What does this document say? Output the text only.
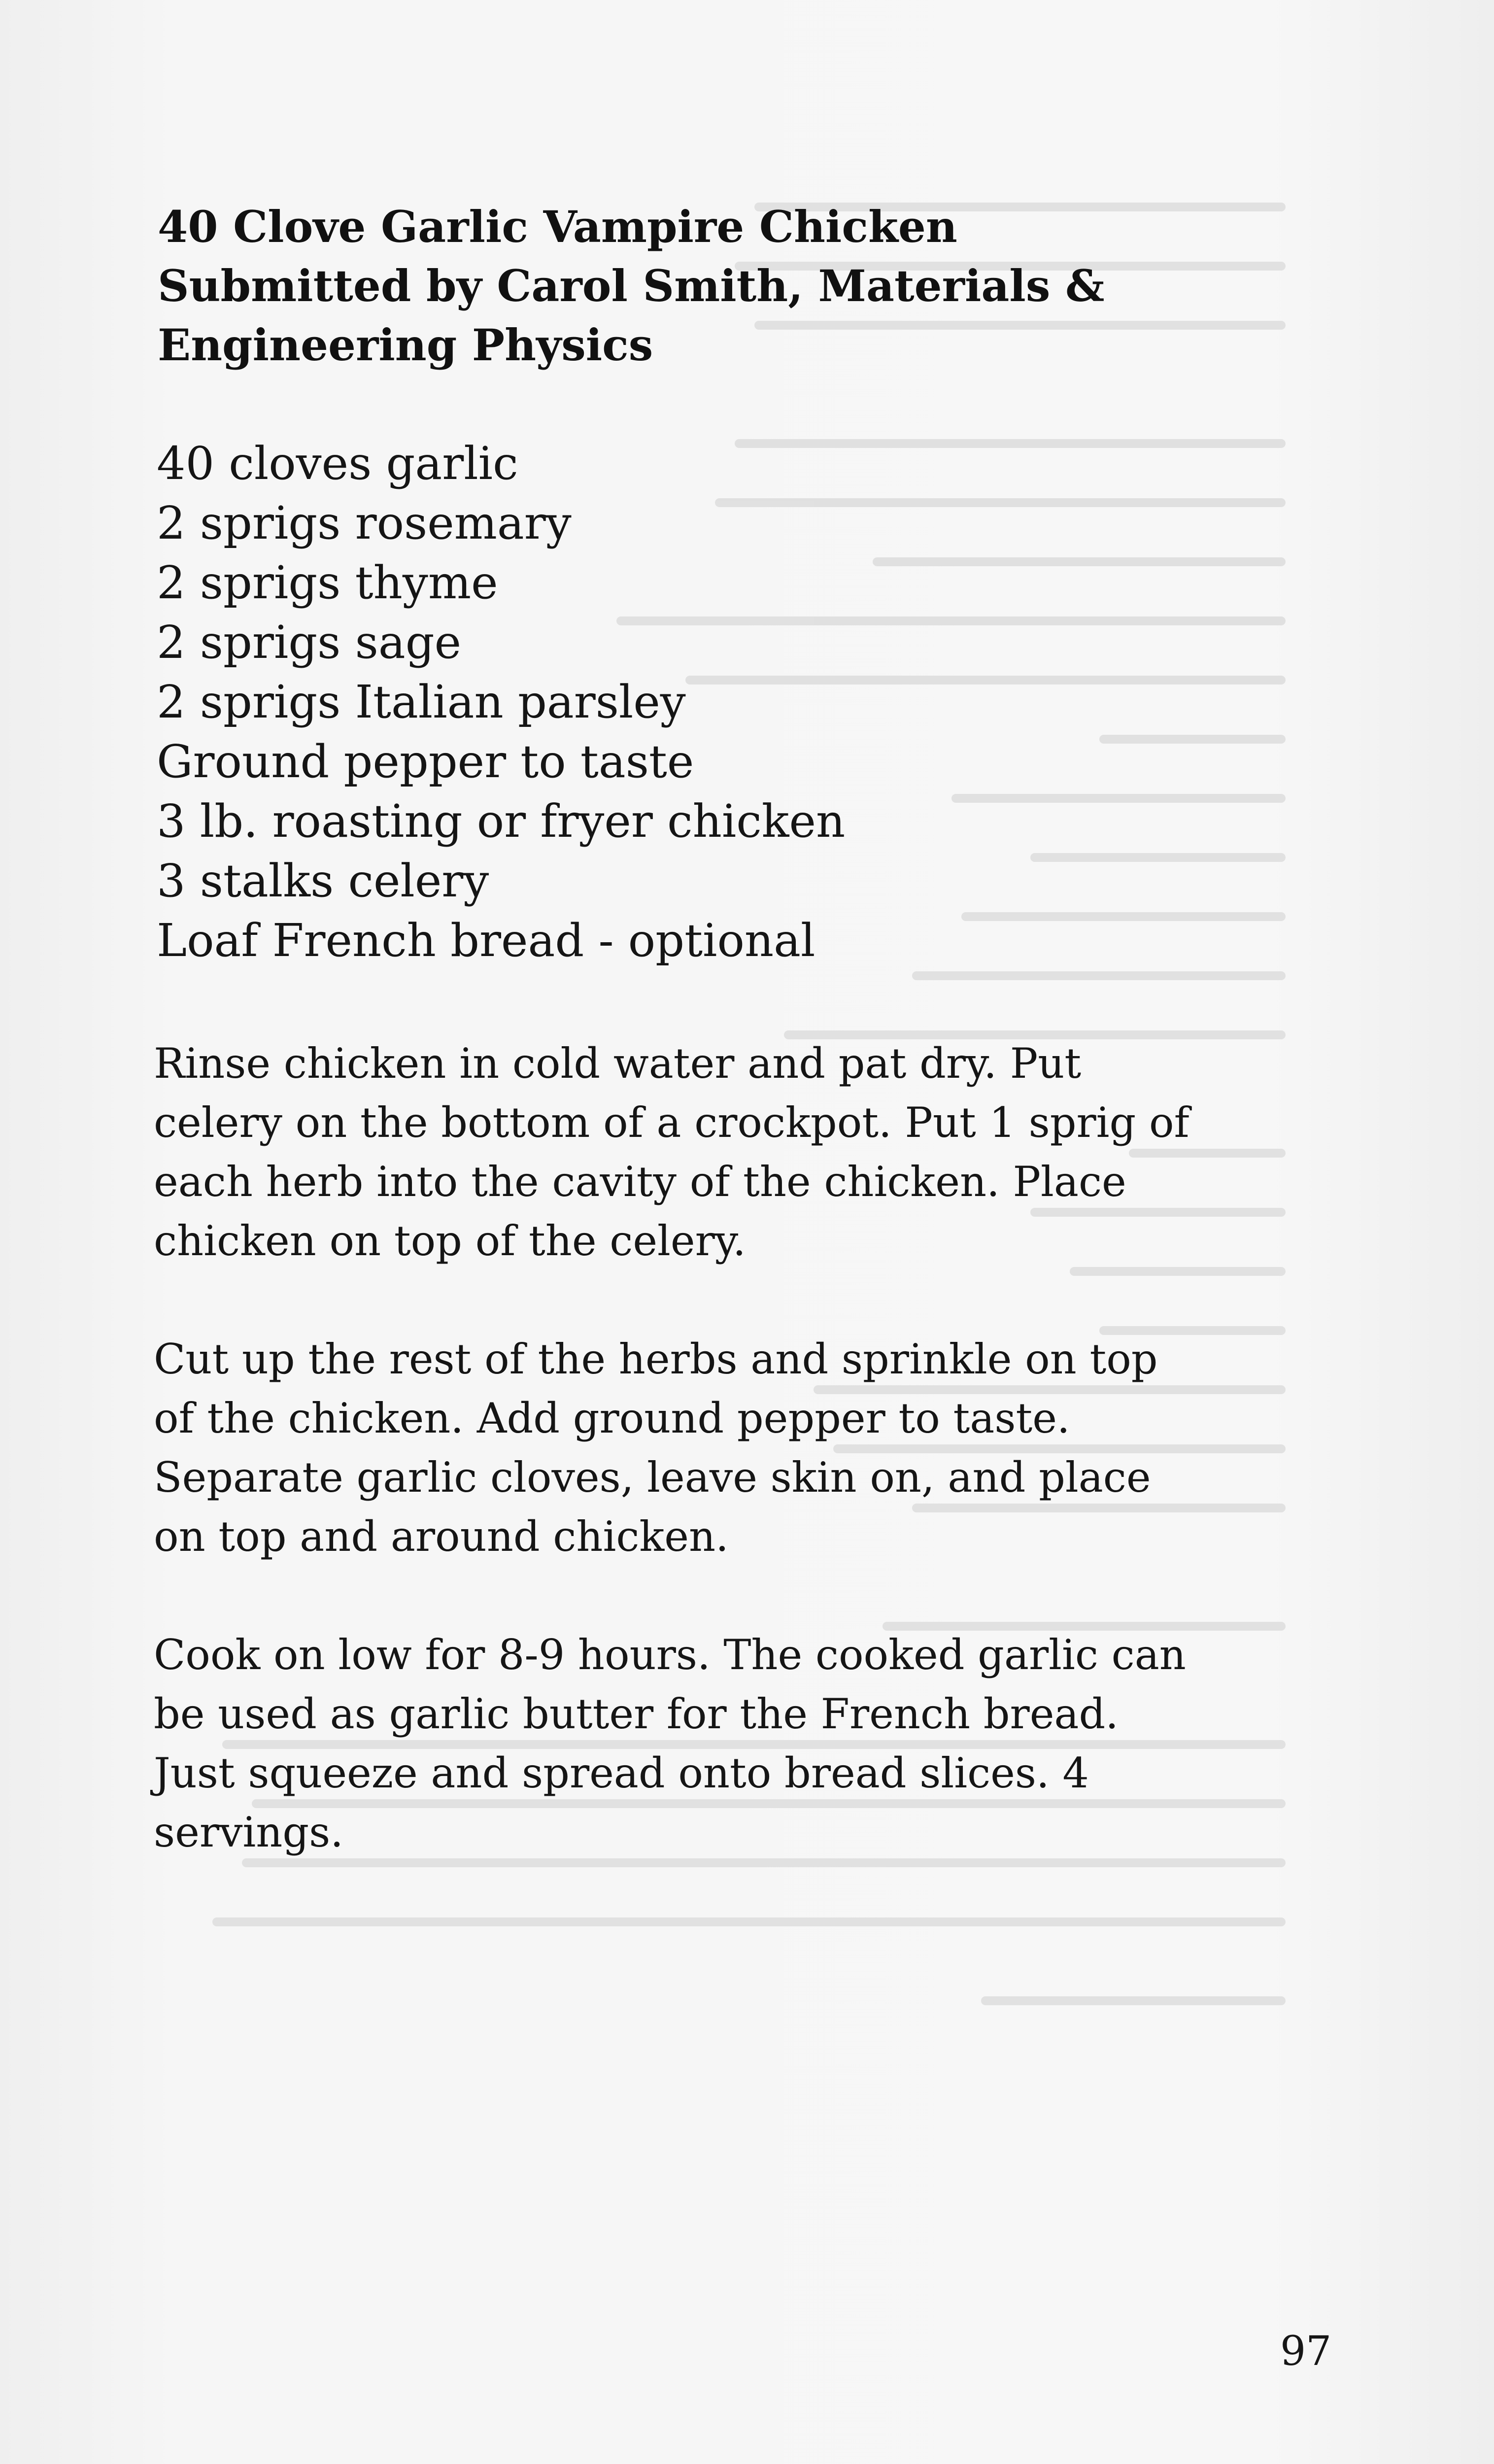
40 Clove Garlic Vampire Chicken
Submitted by Carol Smith, Materials &
Engineering Physics
40 cloves garlic
2 sprigs rosemary
2 sprigs thyme
2 sprigs sage
2 sprigs Italian parsley
Ground pepper to taste
3 lb. roasting or fryer chicken
3 stalks celery
Loaf French bread - optional
Rinse chicken in cold water and pat dry. Put
celery on the bottom of a crockpot. Put 1 sprig of
each herb into the cavity of the chicken. Place
chicken on top of the celery.
Cut up the rest of the herbs and sprinkle on top
of the chicken. Add ground pepper to taste.
Separate garlic cloves, leave skin on, and place
on top and around chicken.
Cook on low for 8-9 hours. The cooked garlic can
be used as garlic butter for the French bread.
Just squeeze and spread onto bread slices. 4
servings.
97
